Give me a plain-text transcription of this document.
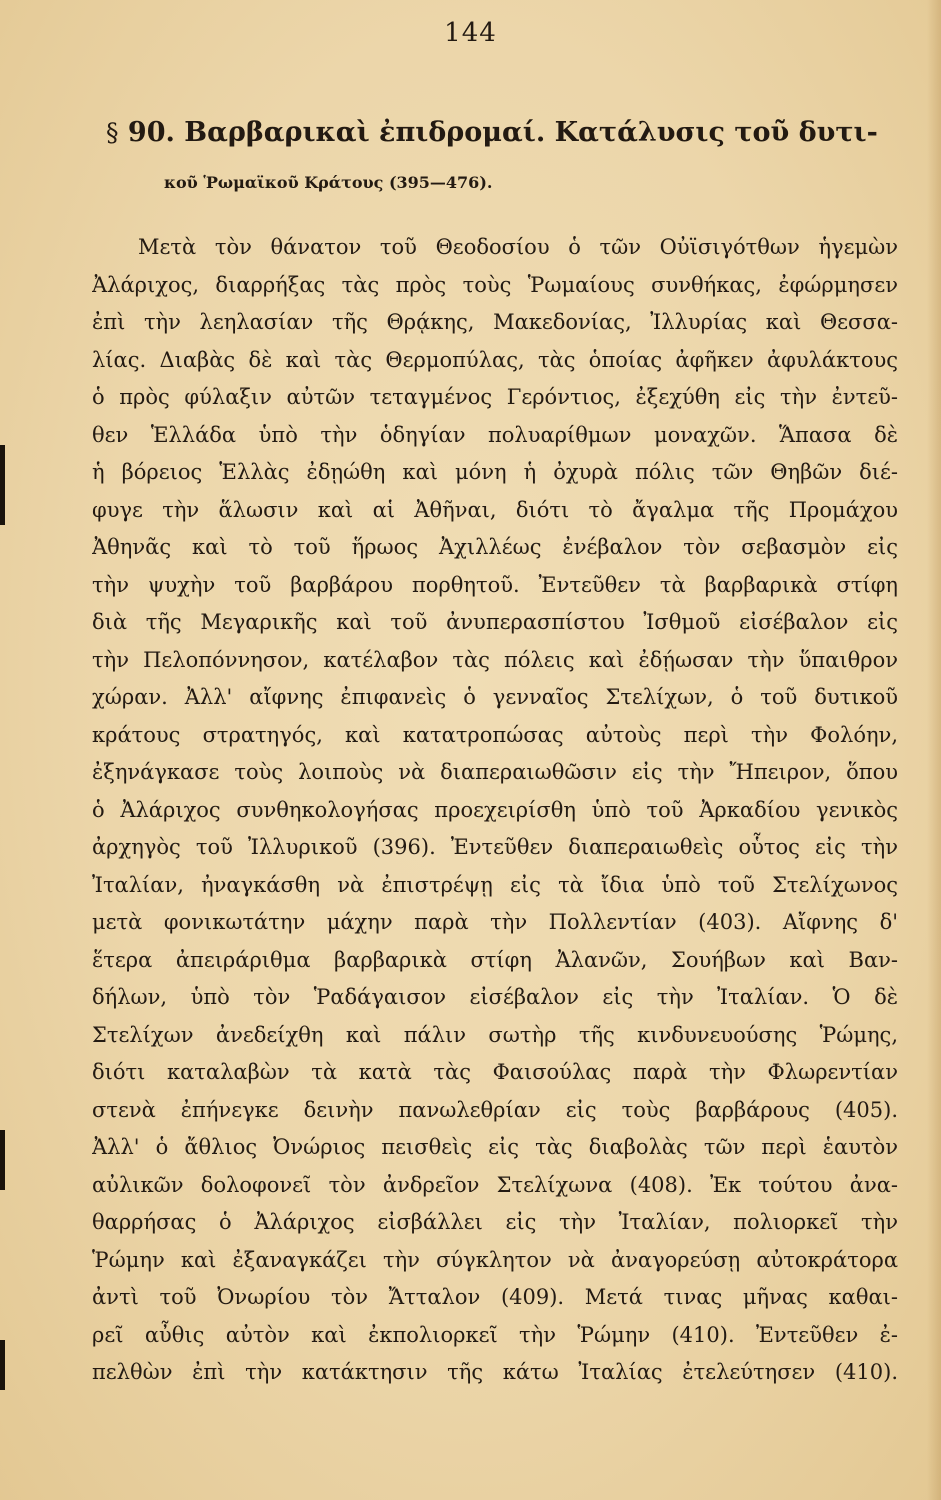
144
§ 90. Βαρβαρικαὶ ἐπιδρομαί. Κατάλυσις τοῦ δυτι-
κοῦ Ῥωμαϊκοῦ Κράτους (395—476).
Μετὰ τὸν θάνατον τοῦ Θεοδοσίου ὁ τῶν Οὐϊσιγότθων ἡγεμὼν
Ἀλάριχος, διαρρήξας τὰς πρὸς τοὺς Ῥωμαίους συνθήκας, ἐφώρμησεν
ἐπὶ τὴν λεηλασίαν τῆς Θρᾴκης, Μακεδονίας, Ἰλλυρίας καὶ Θεσσα-
λίας. Διαβὰς δὲ καὶ τὰς Θερμοπύλας, τὰς ὁποίας ἀφῆκεν ἀφυλάκτους
ὁ πρὸς φύλαξιν αὐτῶν τεταγμένος Γερόντιος, ἐξεχύθη εἰς τὴν ἐντεῦ-
θεν Ἑλλάδα ὑπὸ τὴν ὁδηγίαν πολυαρίθμων μοναχῶν. Ἅπασα δὲ
ἡ βόρειος Ἑλλὰς ἐδῃώθη καὶ μόνη ἡ ὀχυρὰ πόλις τῶν Θηβῶν διέ-
φυγε τὴν ἅλωσιν καὶ αἱ Ἀθῆναι, διότι τὸ ἄγαλμα τῆς Προμάχου
Ἀθηνᾶς καὶ τὸ τοῦ ἥρωος Ἀχιλλέως ἐνέβαλον τὸν σεβασμὸν εἰς
τὴν ψυχὴν τοῦ βαρβάρου πορθητοῦ. Ἐντεῦθεν τὰ βαρβαρικὰ στίφη
διὰ τῆς Μεγαρικῆς καὶ τοῦ ἀνυπερασπίστου Ἰσθμοῦ εἰσέβαλον εἰς
τὴν Πελοπόννησον, κατέλαβον τὰς πόλεις καὶ ἐδῄωσαν τὴν ὕπαιθρον
χώραν. Ἀλλ' αἴφνης ἐπιφανεὶς ὁ γενναῖος Στελίχων, ὁ τοῦ δυτικοῦ
κράτους στρατηγός, καὶ κατατροπώσας αὐτοὺς περὶ τὴν Φολόην,
ἐξηνάγκασε τοὺς λοιποὺς νὰ διαπεραιωθῶσιν εἰς τὴν Ἤπειρον, ὅπου
ὁ Ἀλάριχος συνθηκολογήσας προεχειρίσθη ὑπὸ τοῦ Ἀρκαδίου γενικὸς
ἀρχηγὸς τοῦ Ἰλλυρικοῦ (396). Ἐντεῦθεν διαπεραιωθεὶς οὗτος εἰς τὴν
Ἰταλίαν, ἠναγκάσθη νὰ ἐπιστρέψῃ εἰς τὰ ἴδια ὑπὸ τοῦ Στελίχωνος
μετὰ φονικωτάτην μάχην παρὰ τὴν Πολλεντίαν (403). Αἴφνης δ'
ἕτερα ἀπειράριθμα βαρβαρικὰ στίφη Ἀλανῶν, Σουήβων καὶ Βαν-
δήλων, ὑπὸ τὸν Ῥαδάγαισον εἰσέβαλον εἰς τὴν Ἰταλίαν. Ὁ δὲ
Στελίχων ἀνεδείχθη καὶ πάλιν σωτὴρ τῆς κινδυνευούσης Ῥώμης,
διότι καταλαβὼν τὰ κατὰ τὰς Φαισούλας παρὰ τὴν Φλωρεντίαν
στενὰ ἐπήνεγκε δεινὴν πανωλεθρίαν εἰς τοὺς βαρβάρους (405).
Ἀλλ' ὁ ἄθλιος Ὀνώριος πεισθεὶς εἰς τὰς διαβολὰς τῶν περὶ ἑαυτὸν
αὐλικῶν δολοφονεῖ τὸν ἀνδρεῖον Στελίχωνα (408). Ἐκ τούτου ἀνα-
θαρρήσας ὁ Ἀλάριχος εἰσβάλλει εἰς τὴν Ἰταλίαν, πολιορκεῖ τὴν
Ῥώμην καὶ ἐξαναγκάζει τὴν σύγκλητον νὰ ἀναγορεύσῃ αὐτοκράτορα
ἀντὶ τοῦ Ὀνωρίου τὸν Ἄτταλον (409). Μετά τινας μῆνας καθαι-
ρεῖ αὖθις αὐτὸν καὶ ἐκπολιορκεῖ τὴν Ῥώμην (410). Ἐντεῦθεν ἐ-
πελθὼν ἐπὶ τὴν κατάκτησιν τῆς κάτω Ἰταλίας ἐτελεύτησεν (410).
